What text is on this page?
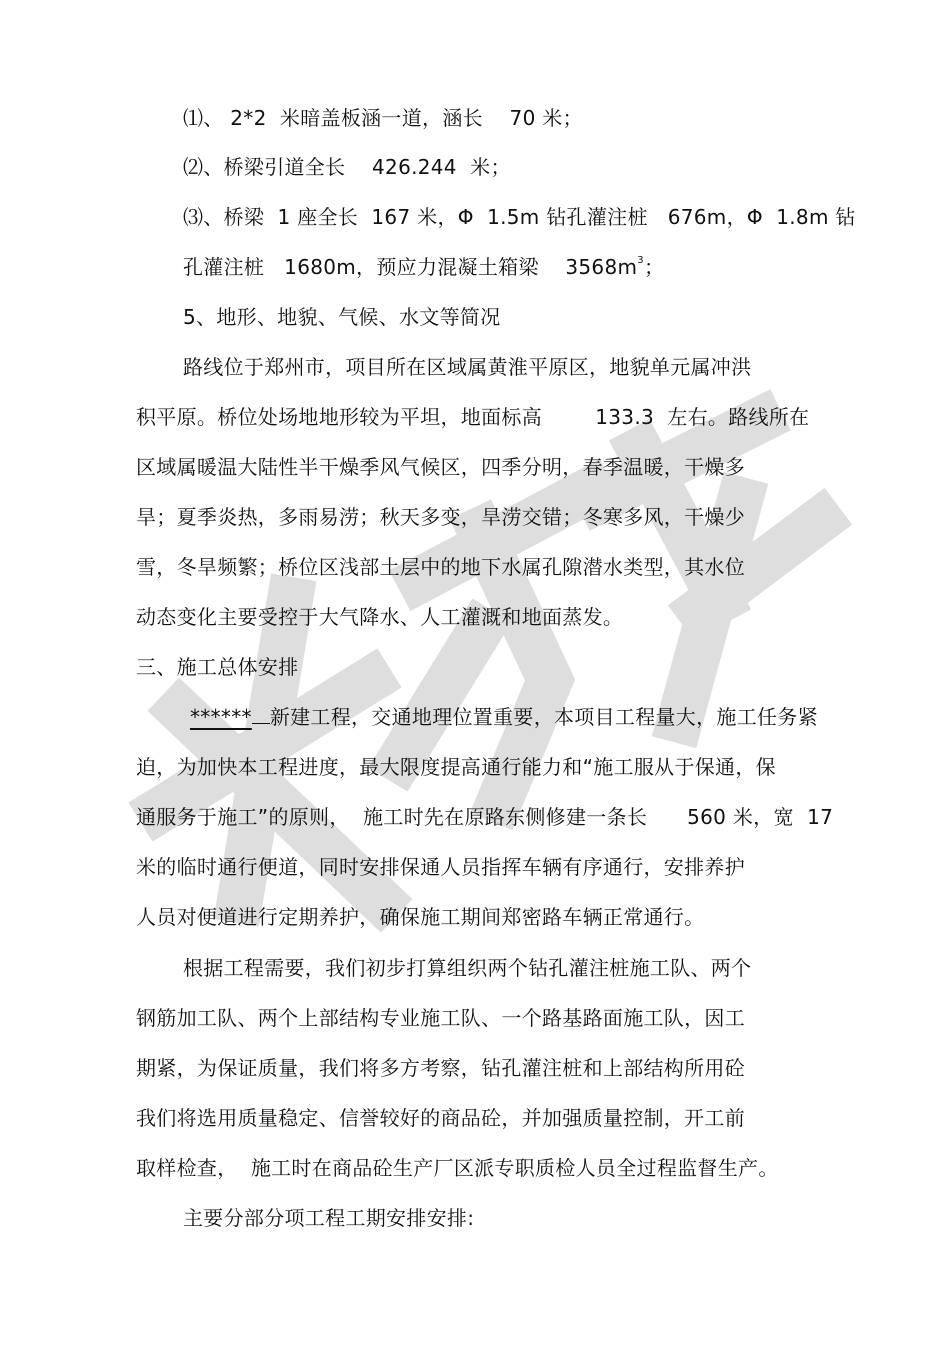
⑴、 2*2  米暗盖板涵一道，涵长    70 米；
⑵、桥梁引道全长    426.244  米；
⑶、桥梁  1 座全长  167 米，Φ  1.5m 钻孔灌注桩   676m，Φ  1.8m 钻
孔灌注桩   1680m，预应力混凝土箱梁    $3568m^3$；
5、地形、地貌、气候、水文等简况
路线位于郑州市，项目所在区域属黄淮平原区，地貌单元属冲洪
积平原。桥位处场地地形较为平坦，地面标高        133.3  左右。路线所在
区域属暖温大陆性半干燥季风气候区，四季分明，春季温暖，干燥多
旱；夏季炎热，多雨易涝；秋天多变，旱涝交错；冬寒多风，干燥少
雪，冬旱频繁；桥位区浅部土层中的地下水属孔隙潜水类型，其水位
动态变化主要受控于大气降水、人工灌溉和地面蒸发。
三、施工总体安排
****** 新建工程，交通地理位置重要，本项目工程量大，施工任务紧
迫，为加快本工程进度，最大限度提高通行能力和“施工服从于保通，保
通服务于施工”的原则，  施工时先在原路东侧修建一条长      560 米，宽  17
米的临时通行便道，同时安排保通人员指挥车辆有序通行，安排养护
人员对便道进行定期养护，确保施工期间郑密路车辆正常通行。
根据工程需要，我们初步打算组织两个钻孔灌注桩施工队、两个
钢筋加工队、两个上部结构专业施工队、一个路基路面施工队，因工
期紧，为保证质量，我们将多方考察，钻孔灌注桩和上部结构所用砼
我们将选用质量稳定、信誉较好的商品砼，并加强质量控制，开工前
取样检查，  施工时在商品砼生产厂区派专职质检人员全过程监督生产。
主要分部分项工程工期安排安排:
